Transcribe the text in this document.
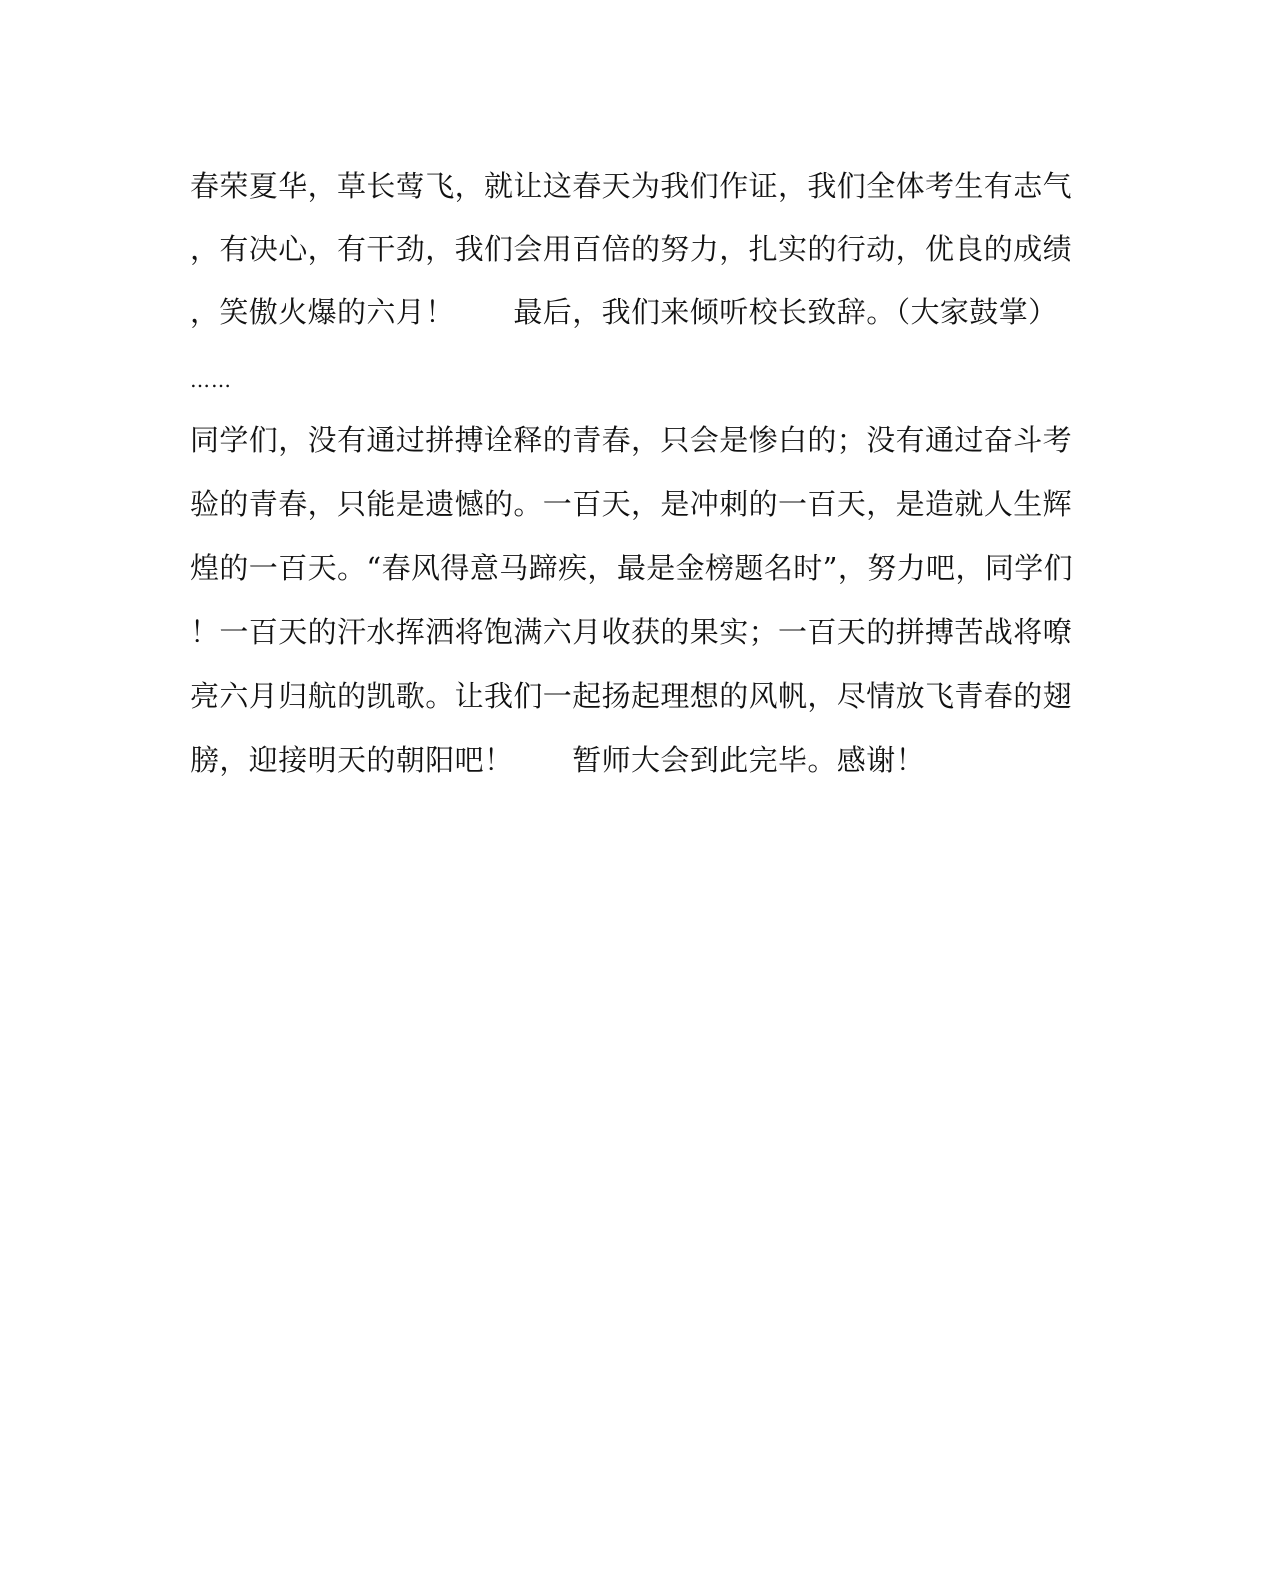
春荣夏华，草长莺飞，就让这春天为我们作证，我们全体考生有志气
，有决心，有干劲，我们会用百倍的努力，扎实的行动，优良的成绩
，笑傲火爆的六月！　　最后，我们来倾听校长致辞。（大家鼓掌）
……
同学们，没有通过拼搏诠释的青春，只会是惨白的；没有通过奋斗考
验的青春，只能是遗憾的。一百天，是冲刺的一百天，是造就人生辉
煌的一百天。“春风得意马蹄疾，最是金榜题名时”，努力吧，同学们
！一百天的汗水挥洒将饱满六月收获的果实；一百天的拼搏苦战将嘹
亮六月归航的凯歌。让我们一起扬起理想的风帆，尽情放飞青春的翅
膀，迎接明天的朝阳吧！　　暂师大会到此完毕。感谢！
